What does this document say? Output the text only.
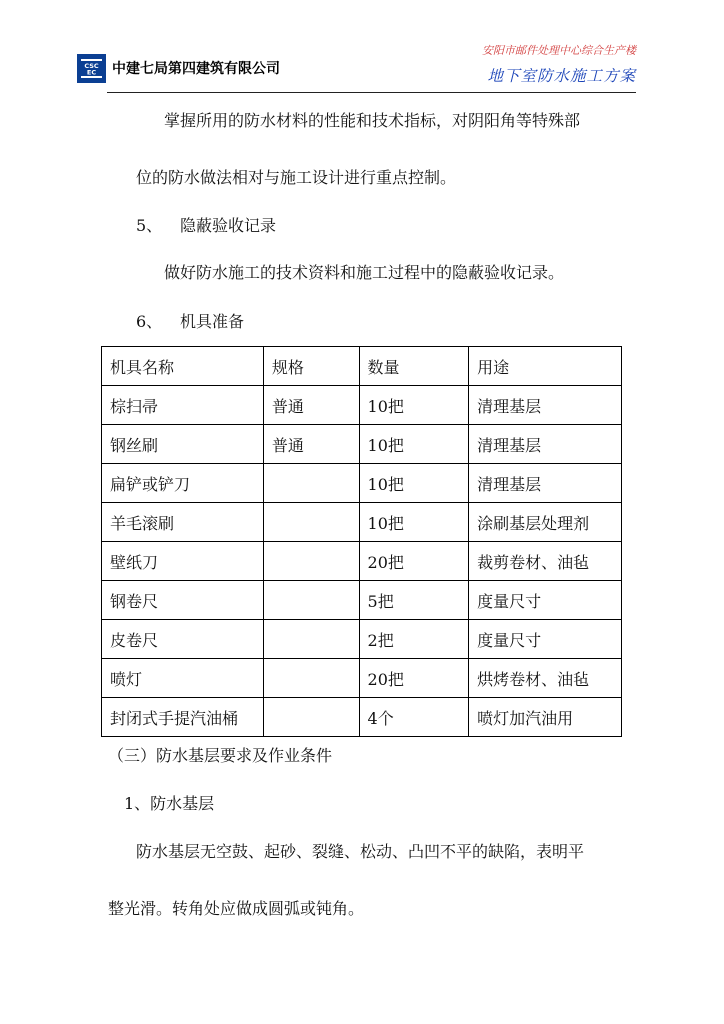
CSC
EC 中建七局第四建筑有限公司
安阳市邮件处理中心综合生产楼
地下室防水施工方案
掌握所用的防水材料的性能和技术指标，对阴阳角等特殊部
位的防水做法相对与施工设计进行重点控制。
5、 隐蔽验收记录
做好防水施工的技术资料和施工过程中的隐蔽验收记录。
6、 机具准备
机具名称	规格	数量	用途
棕扫帚	普通	10把	清理基层
钢丝刷	普通	10把	清理基层
扁铲或铲刀		10把	清理基层
羊毛滚刷		10把	涂刷基层处理剂
壁纸刀		20把	裁剪卷材、油毡
钢卷尺		5把	度量尺寸
皮卷尺		2把	度量尺寸
喷灯		20把	烘烤卷材、油毡
封闭式手提汽油桶		4个	喷灯加汽油用
（三）防水基层要求及作业条件
1、防水基层
防水基层无空鼓、起砂、裂缝、松动、凸凹不平的缺陷，表明平
整光滑。转角处应做成圆弧或钝角。
